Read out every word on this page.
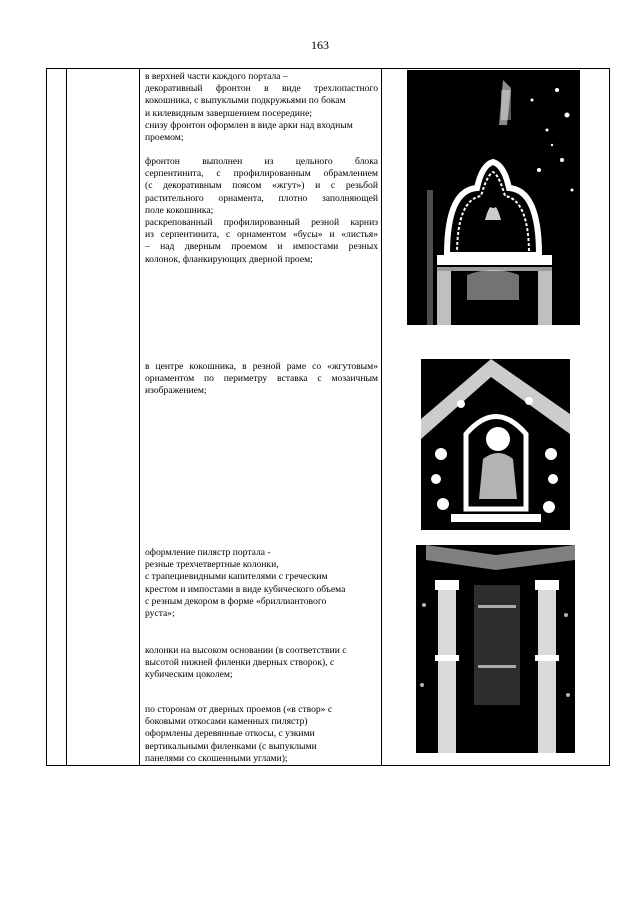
163

в верхней части каждого портала –

декоративный фронтон в виде трехлопастного

кокошника, с выпуклыми подкружьями по бокам

и килевидным завершением посередине;

снизу фронтон оформлен в виде арки над входным

проемом;

фронтон выполнен из цельного блока

серпентинита, с профилированным обрамлением

(с декоративным поясом «жгут») и с резьбой

растительного орнамента, плотно заполняющей

поле кокошника;

раскрепованный профилированный резной карниз

из серпентинита, с орнаментом «бусы» и «листья»

– над дверным проемом и импостами резных

колонок, фланкирующих дверной проем;

в центре кокошника, в резной раме со «жгутовым»

орнаментом по периметру вставка с мозаичным

изображением;

оформление пилястр портала -

резные трехчетвертные колонки,

с трапециевидными капителями с греческим

крестом и импостами в виде кубического объема

с резным декором в форме «бриллиантового

руста»;

колонки на высоком основании (в соответствии с

высотой нижней филенки дверных створок), с

кубическим цоколем;

по сторонам от дверных проемов («в створ» с

боковыми откосами каменных пилястр)

оформлены деревянные откосы, с узкими

вертикальными филенками (с выпуклыми

панелями со скошенными углами);
